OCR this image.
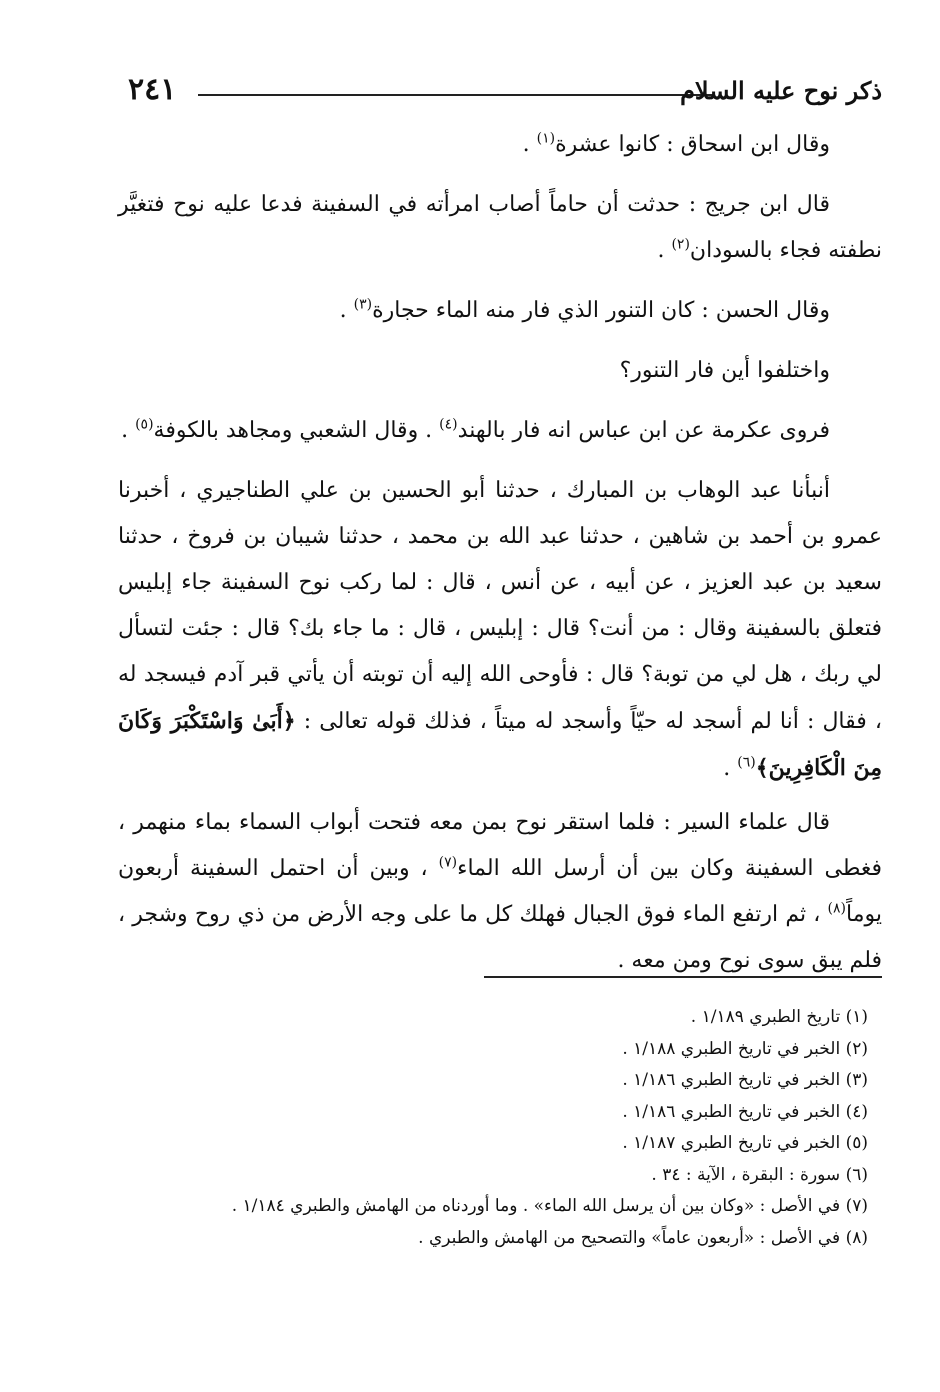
٢٤١	ذكر نوح عليه السلام

وقال ابن اسحاق : كانوا عشرة$^{(١)}$ .

قال ابن جريج : حدثت أن حاماً أصاب امرأته في السفينة فدعا عليه نوح فتغيَّر نطفته فجاء بالسودان$^{(٢)}$ .

وقال الحسن : كان التنور الذي فار منه الماء حجارة$^{(٣)}$ .

واختلفوا أين فار التنور؟

فروى عكرمة عن ابن عباس انه فار بالهند$^{(٤)}$ . وقال الشعبي ومجاهد بالكوفة$^{(٥)}$ .

أنبأنا عبد الوهاب بن المبارك ، حدثنا أبو الحسين بن علي الطناجيري ، أخبرنا عمرو بن أحمد بن شاهين ، حدثنا عبد الله بن محمد ، حدثنا شيبان بن فروخ ، حدثنا سعيد بن عبد العزيز ، عن أبيه ، عن أنس ، قال : لما ركب نوح السفينة جاء إبليس فتعلق بالسفينة وقال : من أنت؟ قال : إبليس ، قال : ما جاء بك؟ قال : جئت لتسأل لي ربك ، هل لي من توبة؟ قال : فأوحى الله إليه أن توبته أن يأتي قبر آدم فيسجد له ، فقال : أنا لم أسجد له حيّاً وأسجد له ميتاً ، فذلك قوله تعالى : ﴿أَبَىٰ وَاسْتَكْبَرَ وَكَانَ مِنَ الْكَافِرِينَ﴾$^{(٦)}$ .

قال علماء السير : فلما استقر نوح بمن معه فتحت أبواب السماء بماء منهمر ، فغطى السفينة وكان بين أن أرسل الله الماء$^{(٧)}$ ، وبين أن احتمل السفينة أربعون يوماً$^{(٨)}$ ، ثم ارتفع الماء فوق الجبال فهلك كل ما على وجه الأرض من ذي روح وشجر ، فلم يبق سوى نوح ومن معه .

(١) تاريخ الطبري ١/١٨٩ .
(٢) الخبر في تاريخ الطبري ١/١٨٨ .
(٣) الخبر في تاريخ الطبري ١/١٨٦ .
(٤) الخبر في تاريخ الطبري ١/١٨٦ .
(٥) الخبر في تاريخ الطبري ١/١٨٧ .
(٦) سورة : البقرة ، الآية : ٣٤ .
(٧) في الأصل : «وكان بين أن يرسل الله الماء» . وما أوردناه من الهامش والطبري ١/١٨٤ .
(٨) في الأصل : «أربعون عاماً» والتصحيح من الهامش والطبري .
